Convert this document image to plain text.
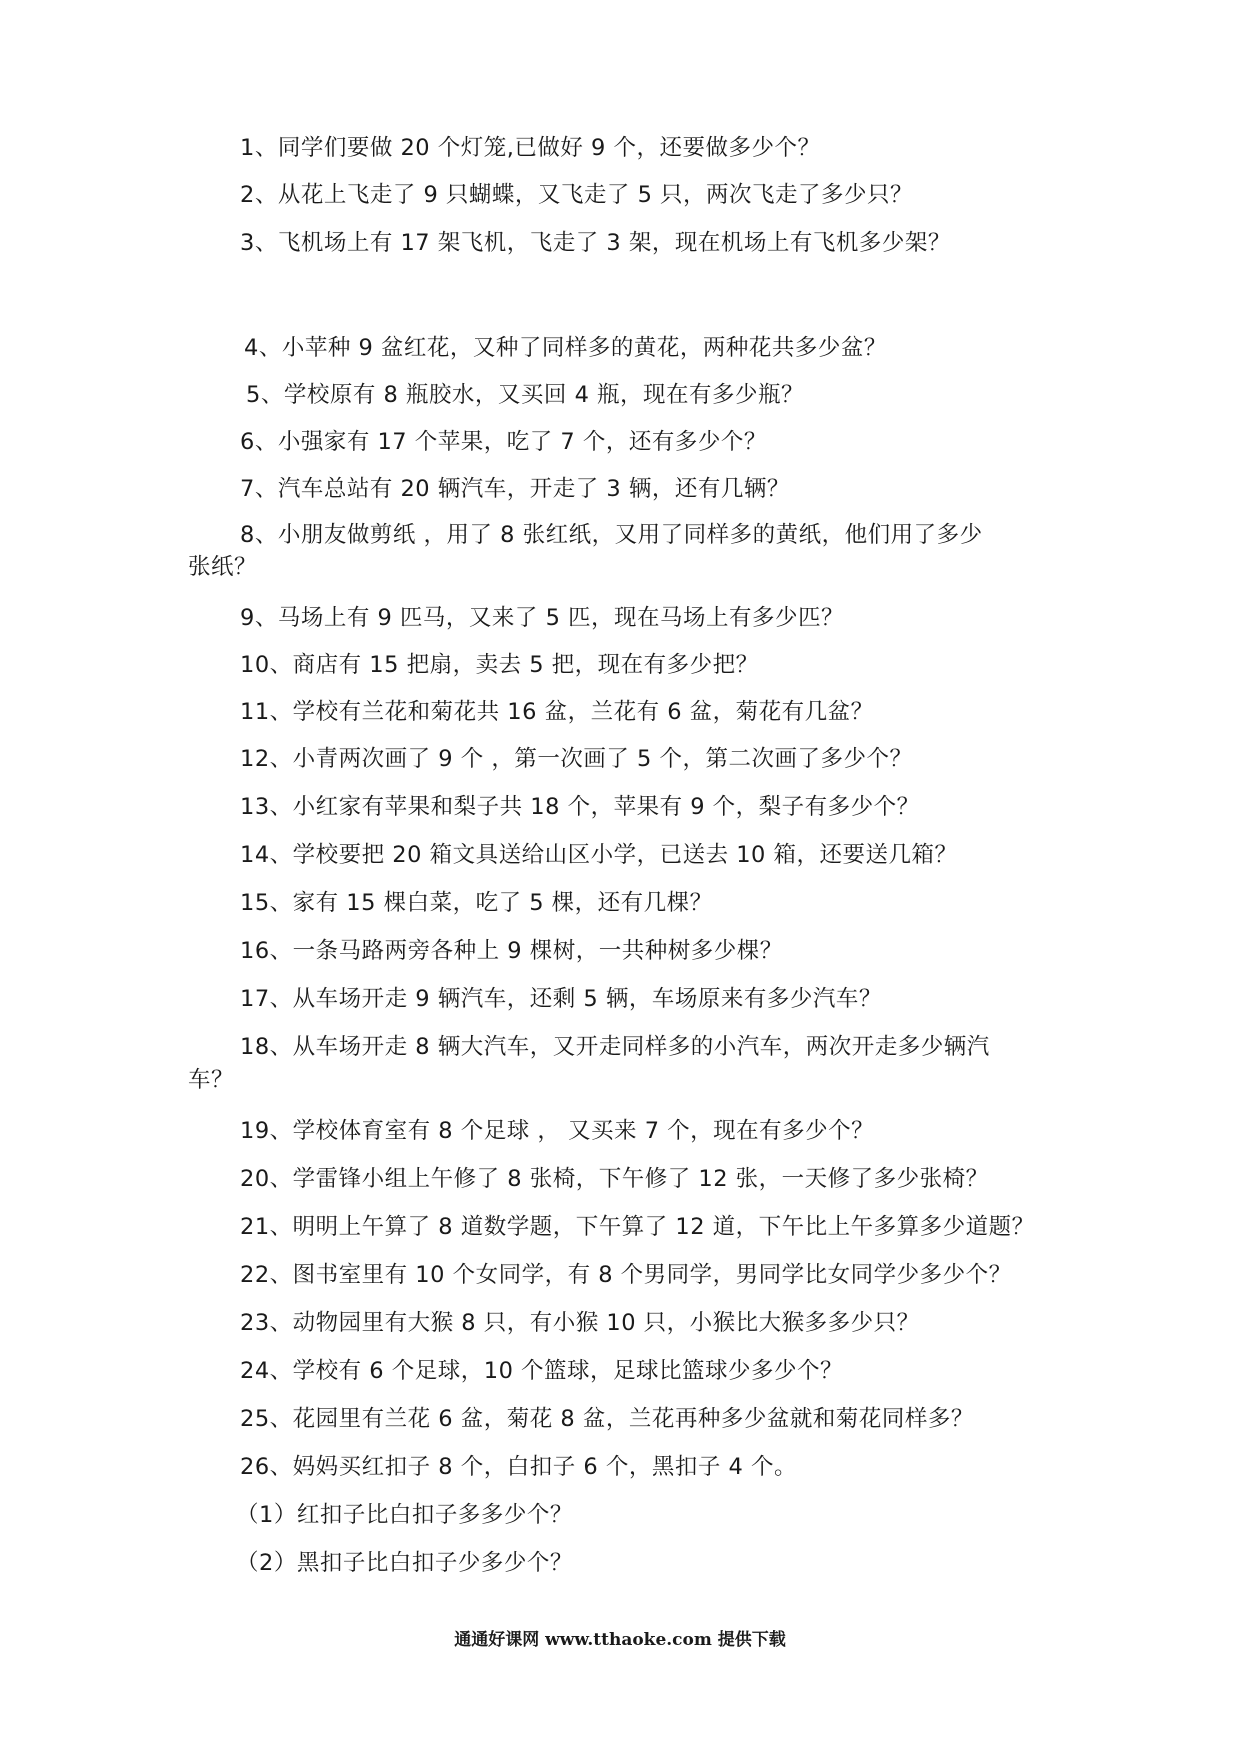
1、同学们要做 20 个灯笼,已做好 9 个，还要做多少个？
2、从花上飞走了 9 只蝴蝶，又飞走了 5 只，两次飞走了多少只？
3、飞机场上有 17 架飞机，飞走了 3 架，现在机场上有飞机多少架？
4、小苹种 9 盆红花，又种了同样多的黄花，两种花共多少盆？
5、学校原有 8 瓶胶水，又买回 4 瓶，现在有多少瓶？
6、小强家有 17 个苹果，吃了 7 个，还有多少个？
7、汽车总站有 20 辆汽车，开走了 3 辆，还有几辆？
8、小朋友做剪纸 ，用了 8 张红纸，又用了同样多的黄纸，他们用了多少
张纸？
9、马场上有 9 匹马，又来了 5 匹，现在马场上有多少匹？
10、商店有 15 把扇，卖去 5 把，现在有多少把？
11、学校有兰花和菊花共 16 盆，兰花有 6 盆，菊花有几盆？
12、小青两次画了 9 个 ，第一次画了 5 个，第二次画了多少个？
13、小红家有苹果和梨子共 18 个，苹果有 9 个，梨子有多少个？
14、学校要把 20 箱文具送给山区小学，已送去 10 箱，还要送几箱？
15、家有 15 棵白菜，吃了 5 棵，还有几棵？
16、一条马路两旁各种上 9 棵树，一共种树多少棵？
17、从车场开走 9 辆汽车，还剩 5 辆，车场原来有多少汽车？
18、从车场开走 8 辆大汽车，又开走同样多的小汽车，两次开走多少辆汽
车？
19、学校体育室有 8 个足球 ， 又买来 7 个，现在有多少个？
20、学雷锋小组上午修了 8 张椅，下午修了 12 张，一天修了多少张椅？
21、明明上午算了 8 道数学题，下午算了 12 道，下午比上午多算多少道题？
22、图书室里有 10 个女同学，有 8 个男同学，男同学比女同学少多少个？
23、动物园里有大猴 8 只，有小猴 10 只，小猴比大猴多多少只？
24、学校有 6 个足球，10 个篮球，足球比篮球少多少个？
25、花园里有兰花 6 盆，菊花 8 盆，兰花再种多少盆就和菊花同样多？
26、妈妈买红扣子 8 个，白扣子 6 个，黑扣子 4 个。
（1）红扣子比白扣子多多少个？
（2）黑扣子比白扣子少多少个？
通通好课网 www.tthaoke.com 提供下载
